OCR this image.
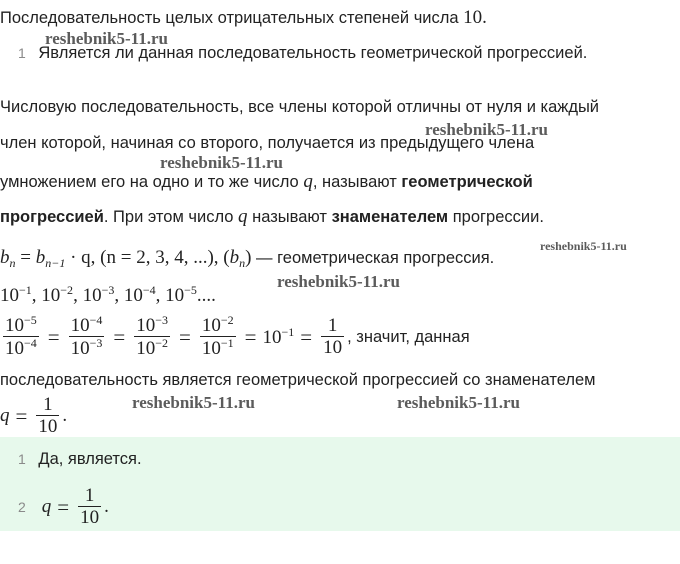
Последовательность целых отрицательных степеней числа 10.
reshebnik5-11.ru
1 Является ли данная последовательность геометрической прогрессией.
Числовую последовательность, все члены которой отличны от нуля и каждый
член которой, начиная со второго, получается из предыдущего члена
reshebnik5-11.ru
reshebnik5-11.ru
умножением его на одно и то же число q, называют геометрической
прогрессией. При этом число q называют знаменателем прогрессии.
reshebnik5-11.ru
$b_n = b_{n-1} \cdot q$, (n = 2, 3, 4, ...), $(b_n)$ — геометрическая прогрессия.
$10^{-1}$, $10^{-2}$, $10^{-3}$, $10^{-4}$, $10^{-5}$....
reshebnik5-11.ru
$\frac{10^{-5}}{10^{-4}} = \frac{10^{-4}}{10^{-3}} = \frac{10^{-3}}{10^{-2}} = \frac{10^{-2}}{10^{-1}} = 10^{-1} = \frac{1}{10}$ , значит, данная
последовательность является геометрической прогрессией со знаменателем
$q = \frac{1}{10}$ .
reshebnik5-11.ru	reshebnik5-11.ru
1 Да, является.
2 $q = \frac{1}{10}$ .
